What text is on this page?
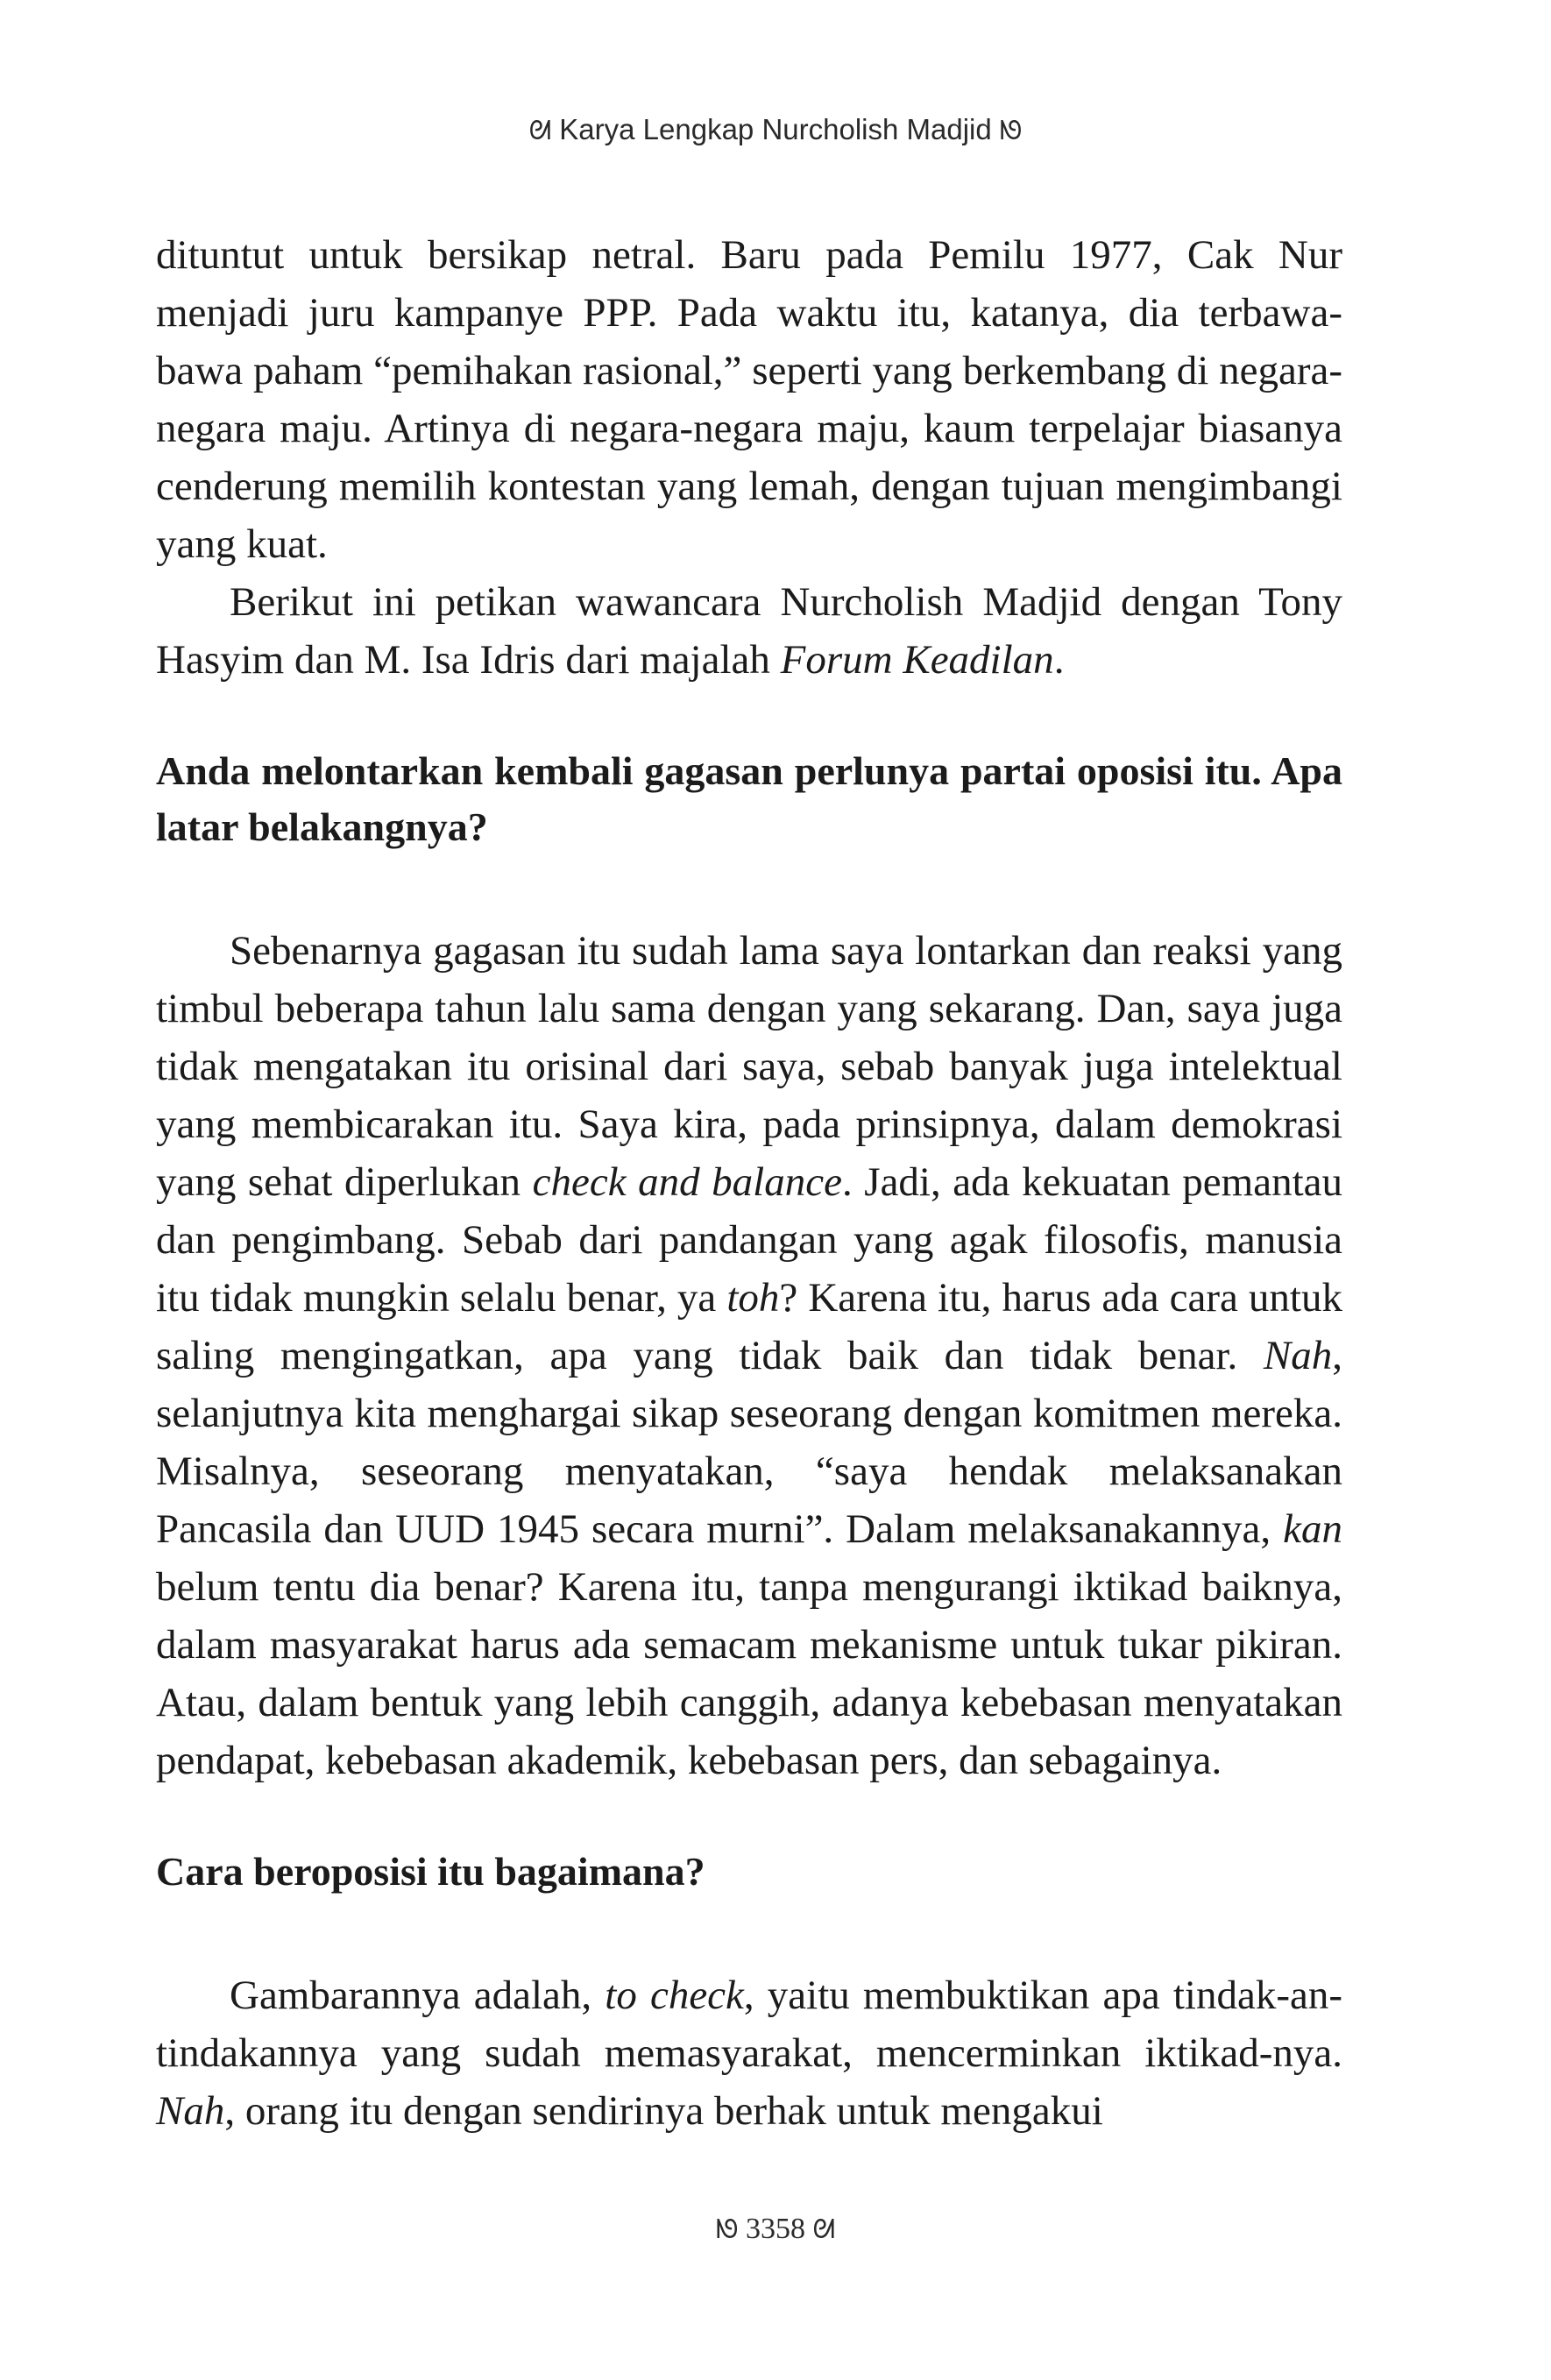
ᘛ Karya Lengkap Nurcholish Madjid ᘚ

dituntut untuk bersikap netral. Baru pada Pemilu 1977, Cak Nur menjadi juru kampanye PPP. Pada waktu itu, katanya, dia terbawa-bawa paham “pemihakan rasional,” seperti yang berkembang di negara-negara maju. Artinya di negara-negara maju, kaum terpelajar biasanya cenderung memilih kontestan yang lemah, dengan tujuan mengimbangi yang kuat.

Berikut ini petikan wawancara Nurcholish Madjid dengan Tony Hasyim dan M. Isa Idris dari majalah Forum Keadilan.

Anda melontarkan kembali gagasan perlunya partai oposisi itu. Apa latar belakangnya?

Sebenarnya gagasan itu sudah lama saya lontarkan dan reaksi yang timbul beberapa tahun lalu sama dengan yang sekarang. Dan, saya juga tidak mengatakan itu orisinal dari saya, sebab banyak juga intelektual yang membicarakan itu. Saya kira, pada prinsipnya, dalam demokrasi yang sehat diperlukan check and balance. Jadi, ada kekuatan pemantau dan pengimbang. Sebab dari pandangan yang agak filosofis, manusia itu tidak mungkin selalu benar, ya toh? Karena itu, harus ada cara untuk saling mengingatkan, apa yang tidak baik dan tidak benar. Nah, selanjutnya kita menghargai sikap seseorang dengan komitmen mereka. Misalnya, seseorang menyatakan, “saya hendak melaksanakan Pancasila dan UUD 1945 secara murni”. Dalam melaksanakannya, kan belum tentu dia benar? Karena itu, tanpa mengurangi iktikad baiknya, dalam masyarakat harus ada semacam mekanisme untuk tukar pikiran. Atau, dalam bentuk yang lebih canggih, adanya kebebasan menyatakan pendapat, kebebasan akademik, kebebasan pers, dan sebagainya.

Cara beroposisi itu bagaimana?

Gambarannya adalah, to check, yaitu membuktikan apa tindak-an-tindakannya yang sudah memasyarakat, mencerminkan iktikad-nya. Nah, orang itu dengan sendirinya berhak untuk mengakui

ᘚ 3358 ᘛ
